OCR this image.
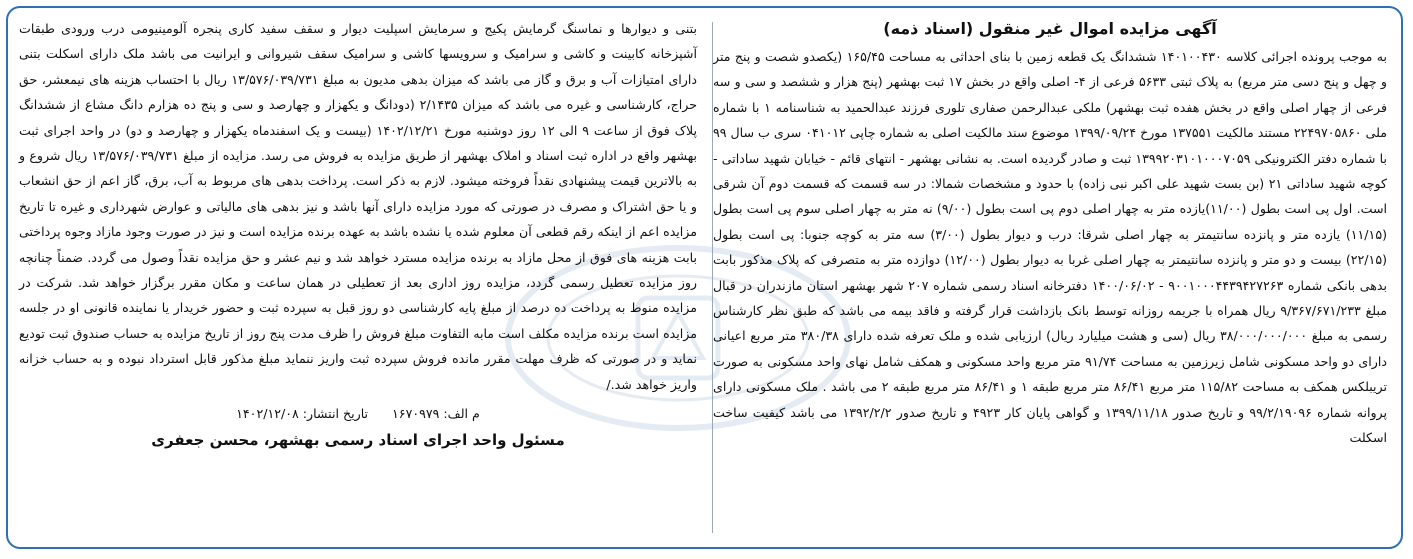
آگهی مزایده اموال غیر منقول (اسناد ذمه)

به موجب پرونده اجرائی کلاسه ۱۴۰۱۰۰۴۳۰ ششدانگ یک قطعه زمین با بنای احداثی به مساحت ۱۶۵/۴۵ (یکصدو شصت و پنج متر و چهل و پنج دسی متر مربع) به پلاک ثبتی ۵۶۳۳ فرعی از ۴- اصلی واقع در بخش ۱۷ ثبت بهشهر (پنج هزار و ششصد و سی و سه فرعی از چهار اصلی واقع در بخش هفده ثبت بهشهر) ملکی عبدالرحمن صفاری تلوری فرزند عبدالحمید به شناسنامه ۱ با شماره ملی ۲۲۴۹۷۰۵۸۶۰ مستند مالکیت ۱۳۷۵۵۱ مورخ ۱۳۹۹/۰۹/۲۴ موضوع سند مالکیت اصلی به شماره چاپی ۰۴۱۰۱۲ سری ب سال ۹۹ با شماره دفتر الکترونیکی ۱۳۹۹۲۰۳۱۰۱۰۰۰۷۰۵۹ ثبت و صادر گردیده است. به نشانی بهشهر - انتهای قائم - خیابان شهید ساداتی - کوچه شهید ساداتی ۲۱ (بن بست شهید علی اکبر نبی زاده) با حدود و مشخصات شمالا: در سه قسمت که قسمت دوم آن شرقی است. اول پی است بطول (۱۱/۰۰)یازده متر به چهار اصلی دوم پی است بطول (۹/۰۰) نه متر به چهار اصلی سوم پی است بطول (۱۱/۱۵) یازده متر و پانزده سانتیمتر به چهار اصلی شرقا: درب و دیوار بطول (۳/۰۰) سه متر به کوچه جنوبا: پی است بطول (۲۲/۱۵) بیست و دو متر و پانزده سانتیمتر به چهار اصلی غربا به دیوار بطول (۱۲/۰۰) دوازده متر به متصرفی که پلاک مذکور بابت بدهی بانکی شماره ۹۰۰۱۰۰۰۴۴۳۹۴۲۷۲۶۳ - ۱۴۰۰/۰۶/۰۲ دفترخانه اسناد رسمی شماره ۲۰۷ شهر بهشهر استان مازندران در قبال مبلغ ۹/۳۶۷/۶۷۱/۲۳۳ ریال همراه با جریمه روزانه توسط بانک بازداشت قرار گرفته و فاقد بیمه می باشد که طبق نظر کارشناس رسمی به مبلغ ۳۸/۰۰۰/۰۰۰/۰۰۰ ریال (سی و هشت میلیارد ریال) ارزیابی شده و ملک تعرفه شده دارای ۳۸۰/۳۸ متر مربع اعیانی دارای دو واحد مسکونی شامل زیرزمین به مساحت ۹۱/۷۴ متر مربع واحد مسکونی و همکف شامل نهای واحد مسکونی به صورت تریبلکس همکف به مساحت ۱۱۵/۸۲ متر مربع ۸۶/۴۱ متر مربع طبقه ۱ و ۸۶/۴۱ متر مربع طبقه ۲ می باشد . ملک مسکونی دارای پروانه شماره ۹۹/۲/۱۹۰۹۶ و تاریخ صدور ۱۳۹۹/۱۱/۱۸ و گواهی پایان کار ۴۹۲۳ و تاریخ صدور ۱۳۹۲/۲/۲ می باشد کیفیت ساخت اسکلت

بتنی و دیوارها و نماسنگ گرمایش پکیج و سرمایش اسپلیت دیوار و سقف سفید کاری پنجره آلومینیومی درب ورودی طبقات آشپزخانه کابینت و کاشی و سرامیک و سرویسها کاشی و سرامیک سقف شیروانی و ایرانیت می باشد ملک دارای اسکلت بتنی دارای امتیازات آب و برق و گاز می باشد که میزان بدهی مدیون به مبلغ ۱۳/۵۷۶/۰۳۹/۷۳۱ ریال با احتساب هزینه های نیمعشر، حق حراج، کارشناسی و غیره می باشد که میزان ۲/۱۴۳۵ (دودانگ و یکهزار و چهارصد و سی و پنج ده هزارم دانگ مشاع از ششدانگ پلاک فوق از ساعت ۹ الی ۱۲ روز دوشنبه مورخ ۱۴۰۲/۱۲/۲۱ (بیست و یک اسفندماه یکهزار و چهارصد و دو) در واحد اجرای ثبت بهشهر واقع در اداره ثبت اسناد و املاک بهشهر از طریق مزایده به فروش می رسد. مزایده از مبلغ ۱۳/۵۷۶/۰۳۹/۷۳۱ ریال شروع و به بالاترین قیمت پیشنهادی نقداً فروخته میشود. لازم به ذکر است. پرداخت بدهی های مربوط به آب، برق، گاز اعم از حق انشعاب و یا حق اشتراک و مصرف در صورتی که مورد مزایده دارای آنها باشد و نیز بدهی های مالیاتی و عوارض شهرداری و غیره تا تاریخ مزایده اعم از اینکه رقم قطعی آن معلوم شده یا نشده باشد به عهده برنده مزایده است و نیز در صورت وجود مازاد وجوه پرداختی بابت هزینه های فوق از محل مازاد به برنده مزایده مسترد خواهد شد و نیم عشر و حق مزایده نقداً وصول می گردد. ضمناً چنانچه روز مزایده تعطیل رسمی گردد، مزایده روز اداری بعد از تعطیلی در همان ساعت و مکان مقرر برگزار خواهد شد. شرکت در مزایده منوط به پرداخت ده درصد از مبلغ پایه کارشناسی دو روز قبل به سپرده ثبت و حضور خریدار یا نماینده قانونی او در جلسه مزایده است برنده مزایده مکلف است مابه التفاوت مبلغ فروش را ظرف مدت پنج روز از تاریخ مزایده به حساب صندوق ثبت تودیع نماید و در صورتی که ظرف مهلت مقرر مانده فروش سپرده ثبت واریز ننماید مبلغ مذکور قابل استرداد نبوده و به حساب خزانه واریز خواهد شد./

م الف: ۱۶۷۰۹۷۹ تاریخ انتشار: ۱۴۰۲/۱۲/۰۸
مسئول واحد اجرای اسناد رسمی بهشهر، محسن جعفری
